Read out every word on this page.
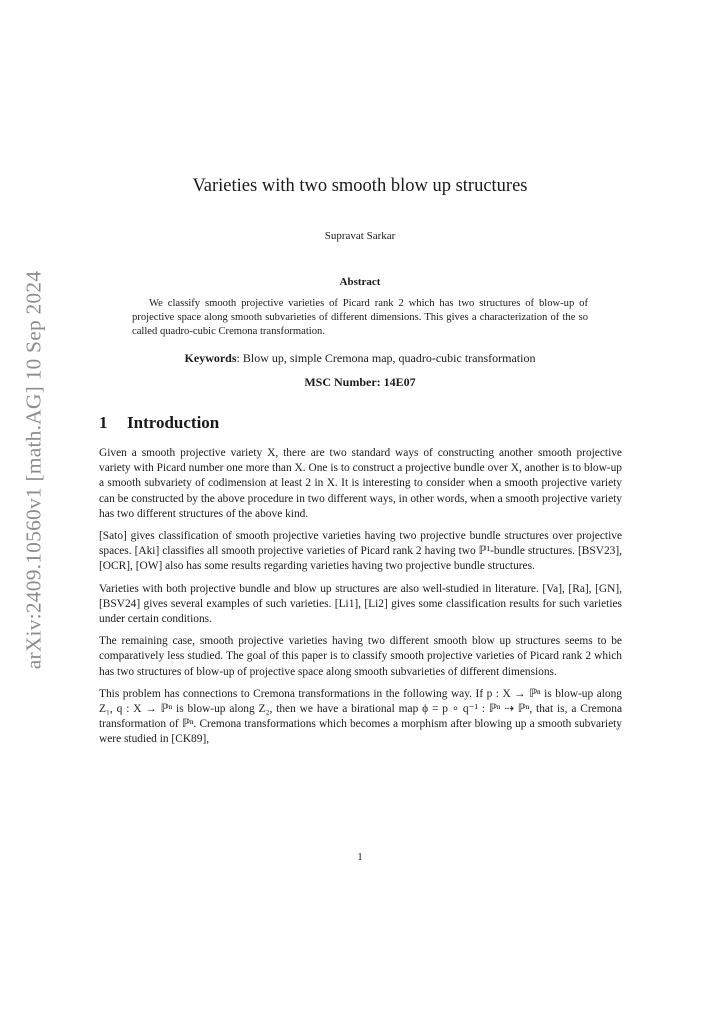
arXiv:2409.10560v1 [math.AG] 10 Sep 2024
Varieties with two smooth blow up structures
Supravat Sarkar
Abstract
We classify smooth projective varieties of Picard rank 2 which has two structures of blow-up of projective space along smooth subvarieties of different dimensions. This gives a characterization of the so called quadro-cubic Cremona transformation.
Keywords: Blow up, simple Cremona map, quadro-cubic transformation
MSC Number: 14E07
1 Introduction

Given a smooth projective variety X, there are two standard ways of constructing another smooth projective variety with Picard number one more than X. One is to construct a projective bundle over X, another is to blow-up a smooth subvariety of codimension at least 2 in X. It is interesting to consider when a smooth projective variety can be constructed by the above procedure in two different ways, in other words, when a smooth projective variety has two different structures of the above kind.

[Sato] gives classification of smooth projective varieties having two projective bundle structures over projective spaces. [Aki] classifies all smooth projective varieties of Picard rank 2 having two ℙ¹-bundle structures. [BSV23], [OCR], [OW] also has some results regarding varieties having two projective bundle structures.

Varieties with both projective bundle and blow up structures are also well-studied in literature. [Va], [Ra], [GN], [BSV24] gives several examples of such varieties. [Li1], [Li2] gives some classification results for such varieties under certain conditions.

The remaining case, smooth projective varieties having two different smooth blow up structures seems to be comparatively less studied. The goal of this paper is to classify smooth projective varieties of Picard rank 2 which has two structures of blow-up of projective space along smooth subvarieties of different dimensions.

This problem has connections to Cremona transformations in the following way. If p : X → ℙⁿ is blow-up along Z₁, q : X → ℙⁿ is blow-up along Z₂, then we have a birational map ϕ = p ∘ q⁻¹ : ℙⁿ ⇢ ℙⁿ, that is, a Cremona transformation of ℙⁿ. Cremona transformations which becomes a morphism after blowing up a smooth subvariety were studied in [CK89],

1
